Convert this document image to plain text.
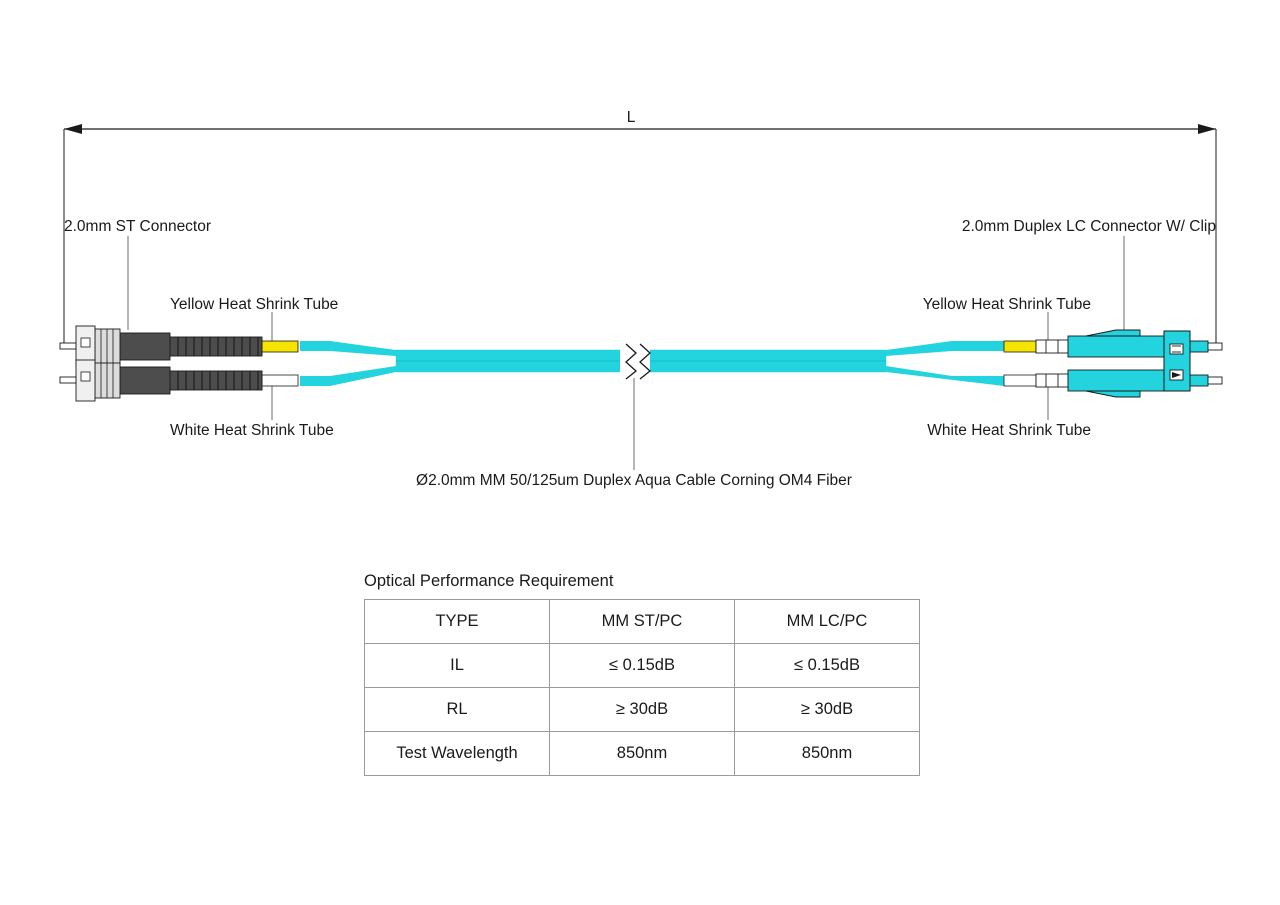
L
2.0mm ST Connector	2.0mm Duplex LC Connector W/ Clip
Yellow Heat Shrink Tube	Yellow Heat Shrink Tube
White Heat Shrink Tube	White Heat Shrink Tube
Ø2.0mm MM 50/125um Duplex Aqua Cable Corning OM4 Fiber
Optical Performance Requirement
TYPE	MM ST/PC	MM LC/PC
IL	≤ 0.15dB	≤ 0.15dB
RL	≥ 30dB	≥ 30dB
Test Wavelength	850nm	850nm
